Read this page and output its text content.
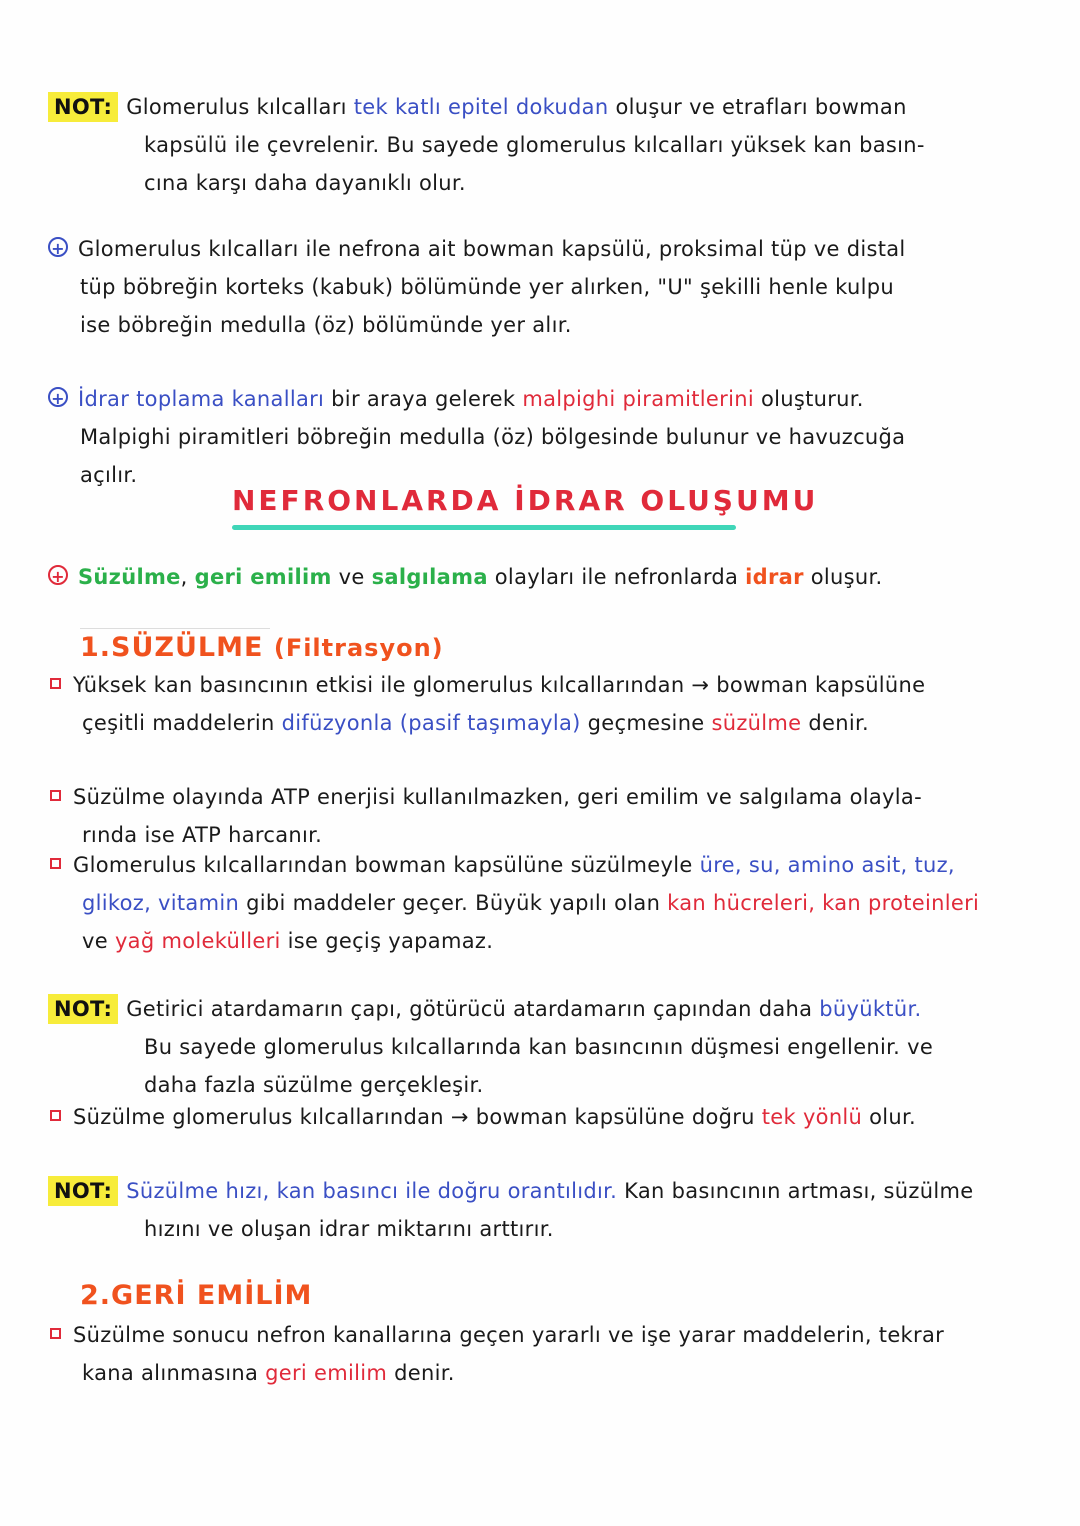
NOT: Glomerulus kılcalları tek katlı epitel dokudan oluşur ve etrafları bowman
kapsülü ile çevrelenir. Bu sayede glomerulus kılcalları yüksek kan basın-
cına karşı daha dayanıklı olur.
+ Glomerulus kılcalları ile nefrona ait bowman kapsülü, proksimal tüp ve distal
tüp böbreğin korteks (kabuk) bölümünde yer alırken, "U" şekilli henle kulpu
ise böbreğin medulla (öz) bölümünde yer alır.
+ İdrar toplama kanalları bir araya gelerek malpighi piramitlerini oluşturur.
Malpighi piramitleri böbreğin medulla (öz) bölgesinde bulunur ve havuzcuğa
açılır.
NEFRONLARDA İDRAR OLUŞUMU
+ Süzülme, geri emilim ve salgılama olayları ile nefronlarda idrar oluşur.
1.SÜZÜLME (Filtrasyon)
Yüksek kan basıncının etkisi ile glomerulus kılcallarından → bowman kapsülüne
çeşitli maddelerin difüzyonla (pasif taşımayla) geçmesine süzülme denir.
Süzülme olayında ATP enerjisi kullanılmazken, geri emilim ve salgılama olayla-
rında ise ATP harcanır.
Glomerulus kılcallarından bowman kapsülüne süzülmeyle üre, su, amino asit, tuz,
glikoz, vitamin gibi maddeler geçer. Büyük yapılı olan kan hücreleri, kan proteinleri
ve yağ molekülleri ise geçiş yapamaz.
NOT: Getirici atardamarın çapı, götürücü atardamarın çapından daha büyüktür.
Bu sayede glomerulus kılcallarında kan basıncının düşmesi engellenir. ve
daha fazla süzülme gerçekleşir.
Süzülme glomerulus kılcallarından → bowman kapsülüne doğru tek yönlü olur.
NOT: Süzülme hızı, kan basıncı ile doğru orantılıdır. Kan basıncının artması, süzülme
hızını ve oluşan idrar miktarını arttırır.
2.GERİ EMİLİM
Süzülme sonucu nefron kanallarına geçen yararlı ve işe yarar maddelerin, tekrar
kana alınmasına geri emilim denir.
